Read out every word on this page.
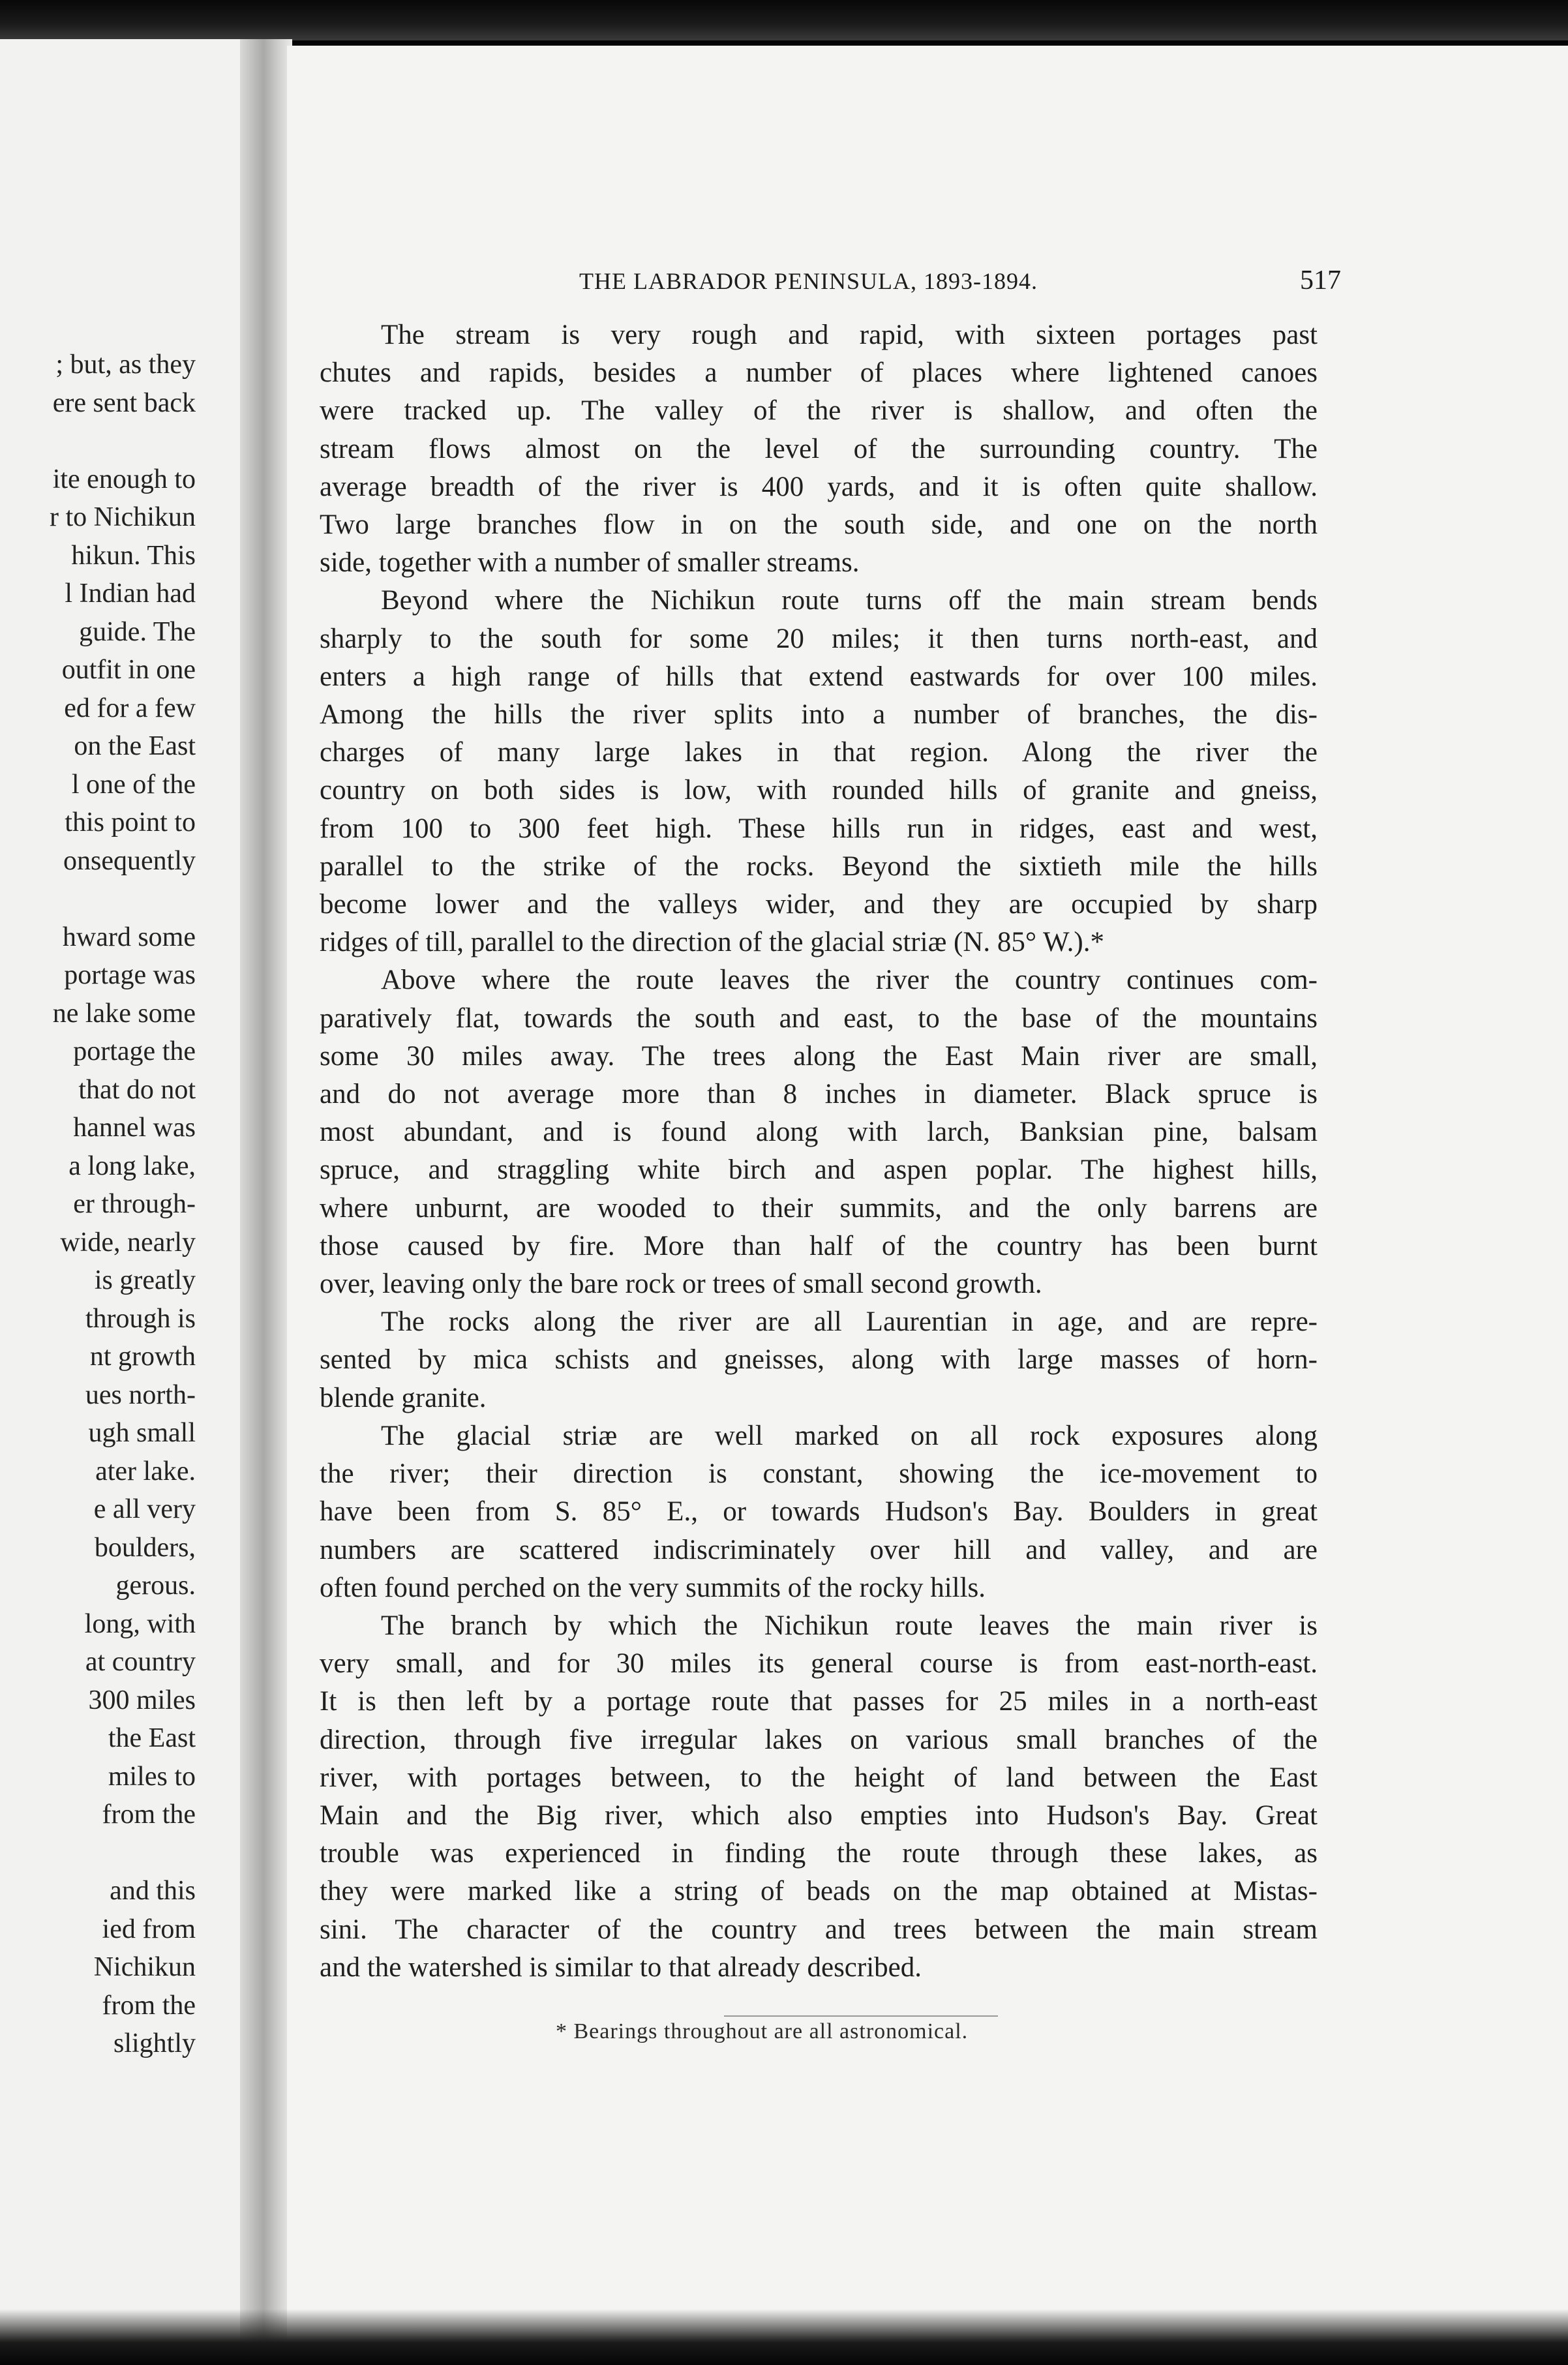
; but, as they
ere sent back

ite enough to
r to Nichikun
hikun. This
l Indian had
guide. The
outfit in one
ed for a few
on the East
l one of the
this point to
onsequently

hward some
portage was
ne lake some
portage the
that do not
hannel was
a long lake,
er through-
wide, nearly
is greatly
through is
nt growth
ues north-
ugh small
ater lake.
e all very
boulders,
gerous.
long, with
at country
300 miles
the East
miles to
from the

and this
ied from
Nichikun
from the
slightly
THE LABRADOR PENINSULA, 1893-1894.	517

The stream is very rough and rapid, with sixteen portages past
chutes and rapids, besides a number of places where lightened canoes
were tracked up. The valley of the river is shallow, and often the
stream flows almost on the level of the surrounding country. The
average breadth of the river is 400 yards, and it is often quite shallow.
Two large branches flow in on the south side, and one on the north
side, together with a number of smaller streams.

Beyond where the Nichikun route turns off the main stream bends
sharply to the south for some 20 miles; it then turns north-east, and
enters a high range of hills that extend eastwards for over 100 miles.
Among the hills the river splits into a number of branches, the dis-
charges of many large lakes in that region. Along the river the
country on both sides is low, with rounded hills of granite and gneiss,
from 100 to 300 feet high. These hills run in ridges, east and west,
parallel to the strike of the rocks. Beyond the sixtieth mile the hills
become lower and the valleys wider, and they are occupied by sharp
ridges of till, parallel to the direction of the glacial striæ (N. 85° W.).*

Above where the route leaves the river the country continues com-
paratively flat, towards the south and east, to the base of the mountains
some 30 miles away. The trees along the East Main river are small,
and do not average more than 8 inches in diameter. Black spruce is
most abundant, and is found along with larch, Banksian pine, balsam
spruce, and straggling white birch and aspen poplar. The highest hills,
where unburnt, are wooded to their summits, and the only barrens are
those caused by fire. More than half of the country has been burnt
over, leaving only the bare rock or trees of small second growth.

The rocks along the river are all Laurentian in age, and are repre-
sented by mica schists and gneisses, along with large masses of horn-
blende granite.

The glacial striæ are well marked on all rock exposures along
the river; their direction is constant, showing the ice-movement to
have been from S. 85° E., or towards Hudson's Bay. Boulders in great
numbers are scattered indiscriminately over hill and valley, and are
often found perched on the very summits of the rocky hills.

The branch by which the Nichikun route leaves the main river is
very small, and for 30 miles its general course is from east-north-east.
It is then left by a portage route that passes for 25 miles in a north-east
direction, through five irregular lakes on various small branches of the
river, with portages between, to the height of land between the East
Main and the Big river, which also empties into Hudson's Bay. Great
trouble was experienced in finding the route through these lakes, as
they were marked like a string of beads on the map obtained at Mistas-
sini. The character of the country and trees between the main stream
and the watershed is similar to that already described.

* Bearings throughout are all astronomical.
